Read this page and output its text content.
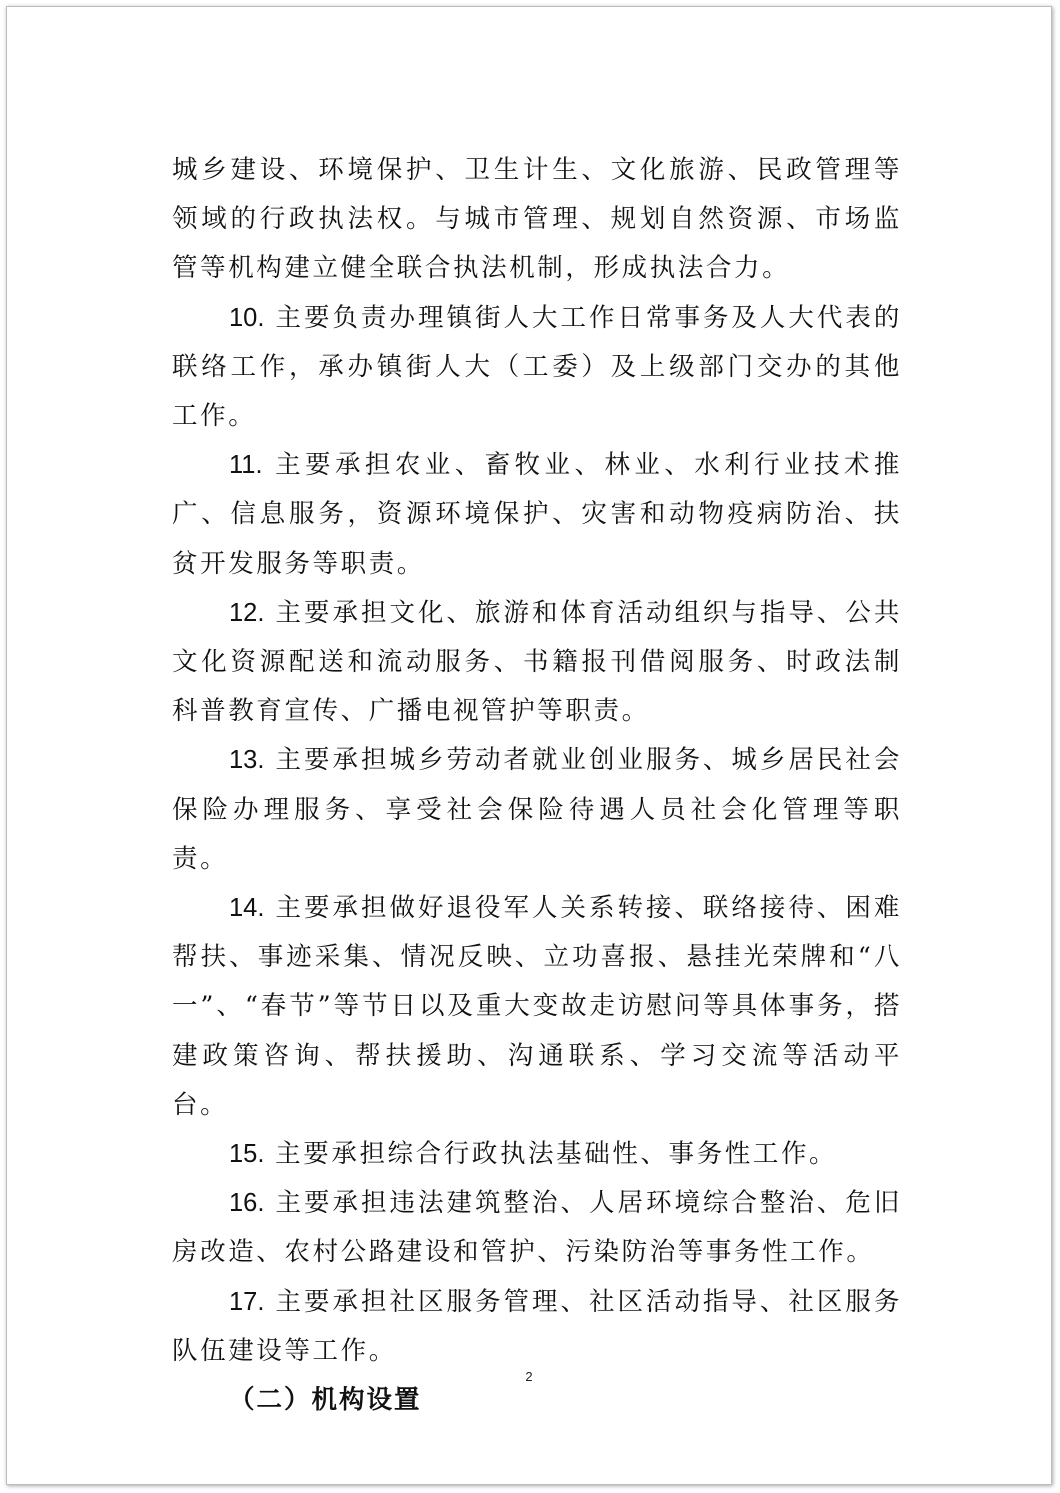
城乡建设、环境保护、卫生计生、文化旅游、民政管理等领域的行政执法权。与城市管理、规划自然资源、市场监管等机构建立健全联合执法机制，形成执法合力。

10. 主要负责办理镇街人大工作日常事务及人大代表的联络工作，承办镇街人大（工委）及上级部门交办的其他工作。

11. 主要承担农业、畜牧业、林业、水利行业技术推广、信息服务，资源环境保护、灾害和动物疫病防治、扶贫开发服务等职责。

12. 主要承担文化、旅游和体育活动组织与指导、公共文化资源配送和流动服务、书籍报刊借阅服务、时政法制科普教育宣传、广播电视管护等职责。

13. 主要承担城乡劳动者就业创业服务、城乡居民社会保险办理服务、享受社会保险待遇人员社会化管理等职责。

14. 主要承担做好退役军人关系转接、联络接待、困难帮扶、事迹采集、情况反映、立功喜报、悬挂光荣牌和“八一”、“春节”等节日以及重大变故走访慰问等具体事务，搭建政策咨询、帮扶援助、沟通联系、学习交流等活动平台。

15. 主要承担综合行政执法基础性、事务性工作。

16. 主要承担违法建筑整治、人居环境综合整治、危旧房改造、农村公路建设和管护、污染防治等事务性工作。

17. 主要承担社区服务管理、社区活动指导、社区服务队伍建设等工作。

（二）机构设置

2
